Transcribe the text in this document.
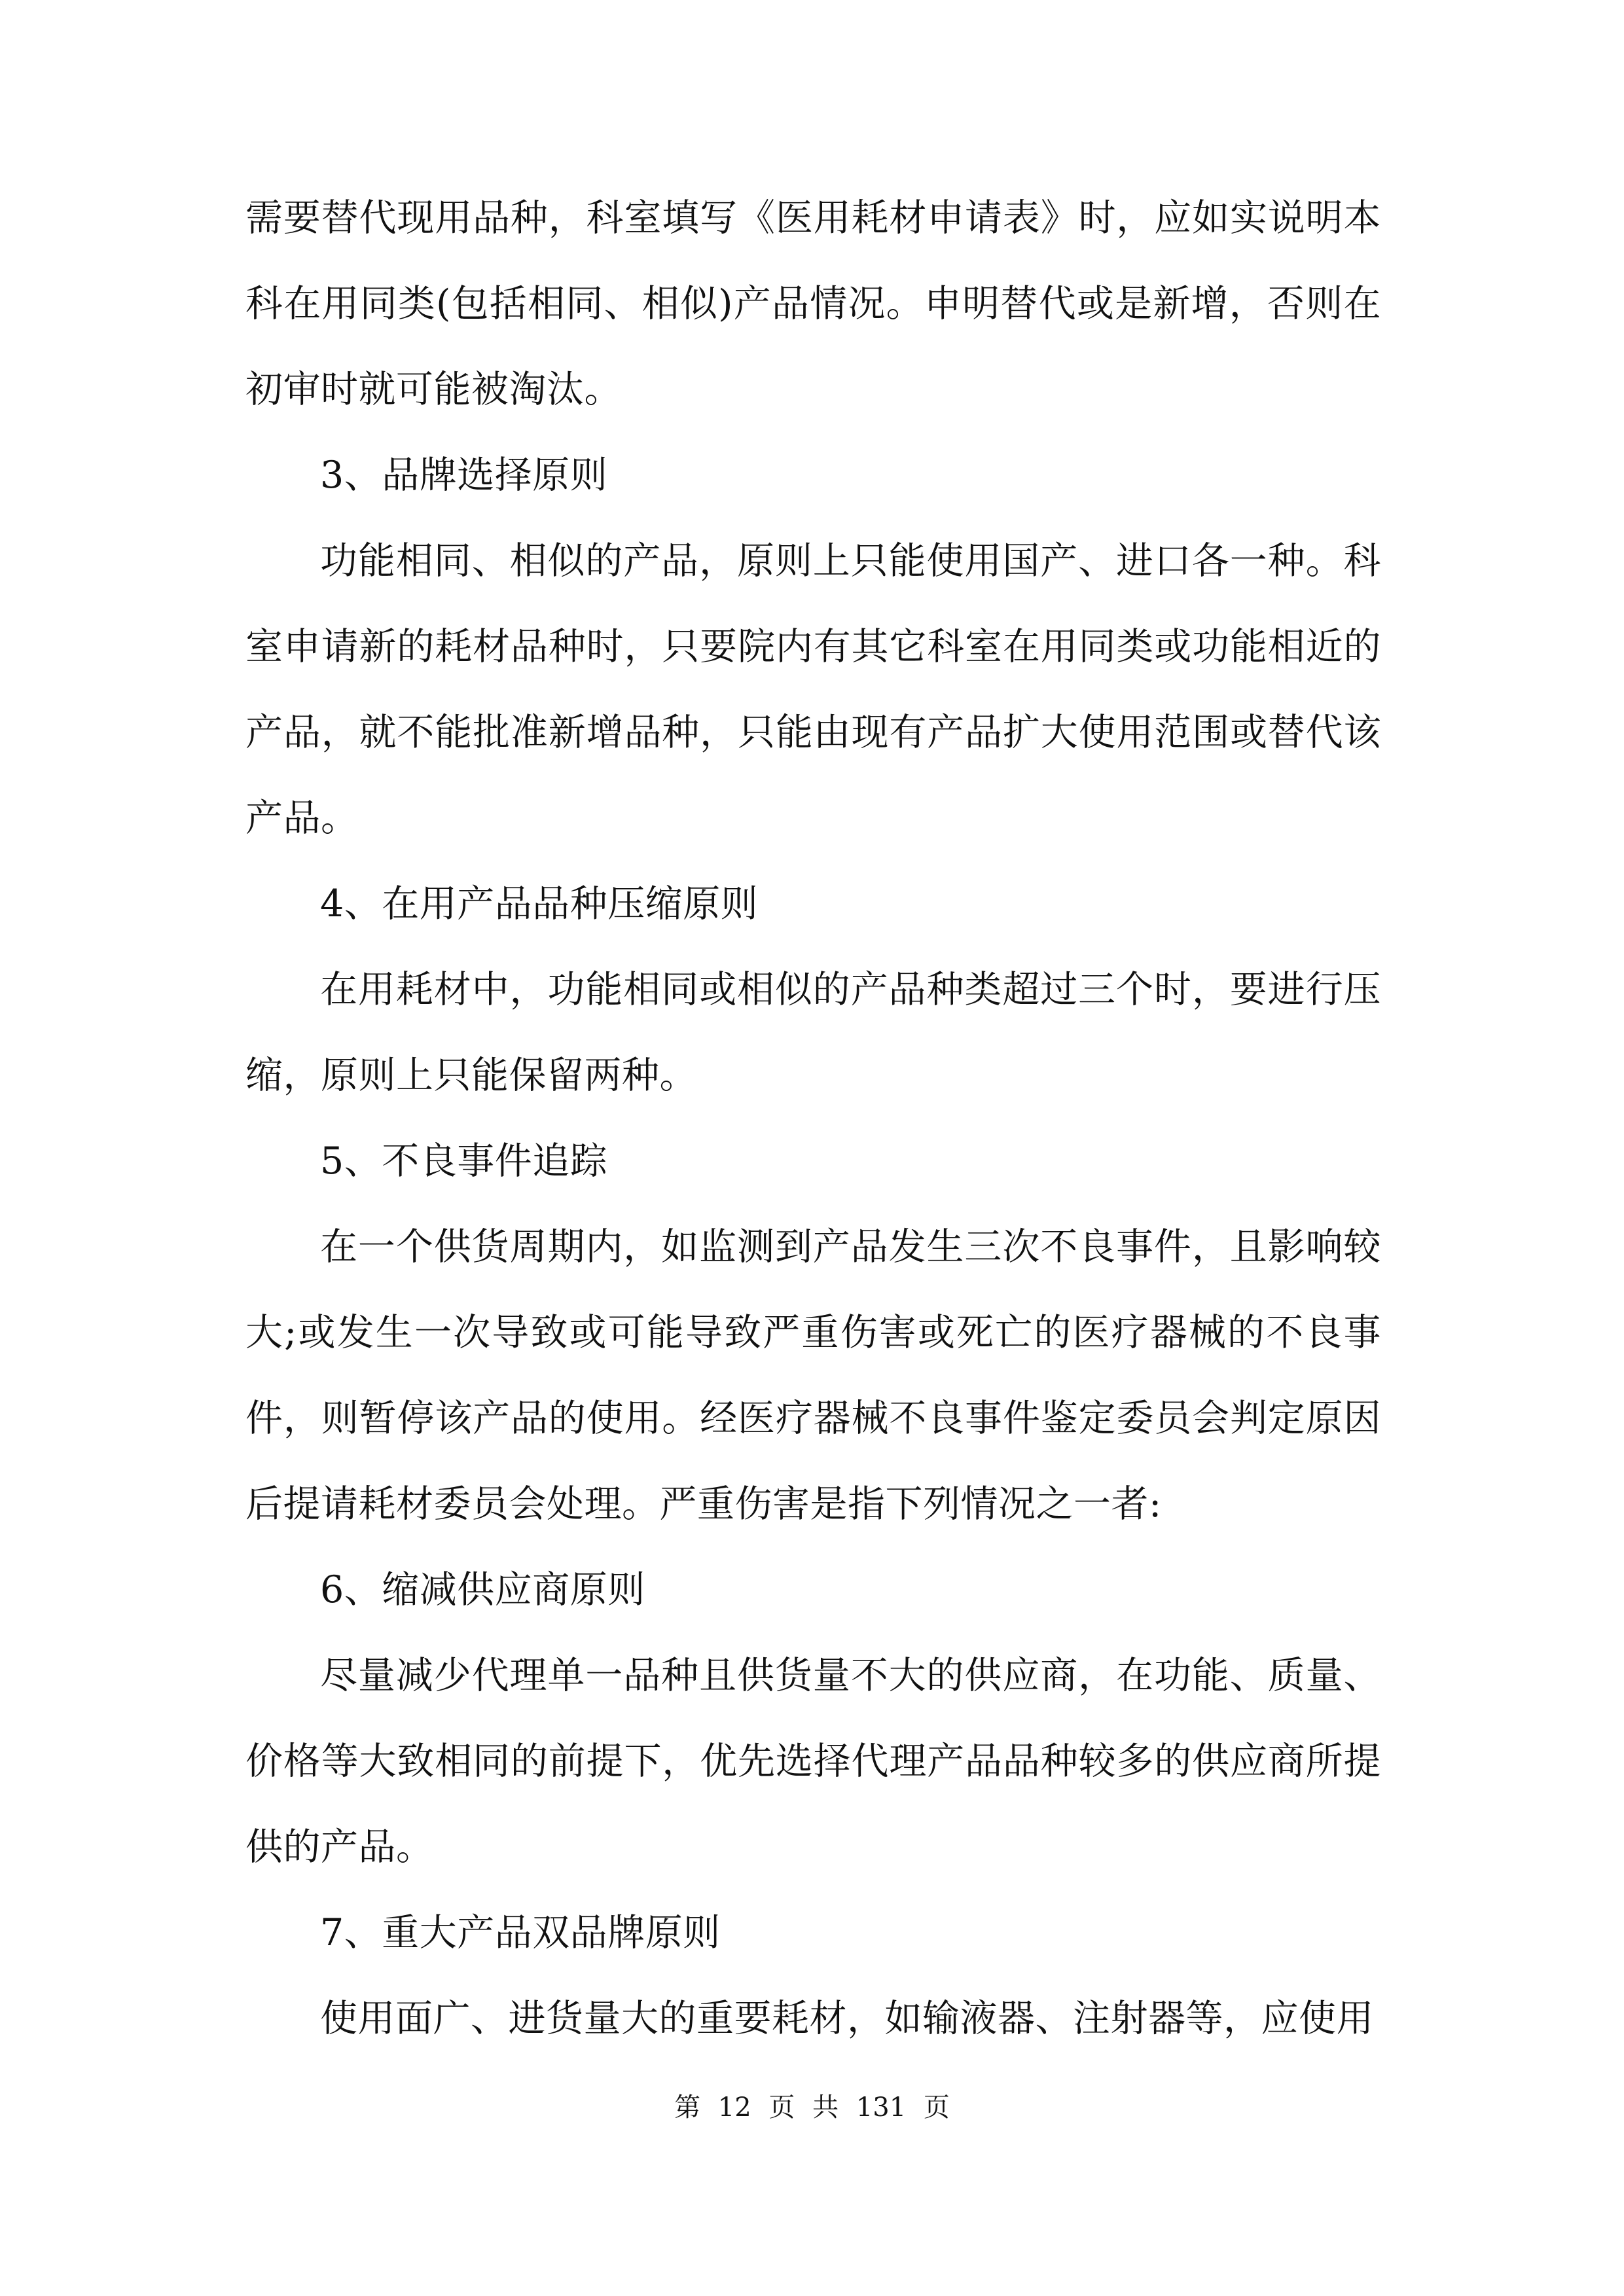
需要替代现用品种，科室填写《医用耗材申请表》时，应如实说明本科在用同类(包括相同、相似)产品情况。申明替代或是新增，否则在初审时就可能被淘汰。

3、品牌选择原则

功能相同、相似的产品，原则上只能使用国产、进口各一种。科室申请新的耗材品种时，只要院内有其它科室在用同类或功能相近的产品，就不能批准新增品种，只能由现有产品扩大使用范围或替代该产品。

4、在用产品品种压缩原则

在用耗材中，功能相同或相似的产品种类超过三个时，要进行压缩，原则上只能保留两种。

5、不良事件追踪

在一个供货周期内，如监测到产品发生三次不良事件，且影响较大;或发生一次导致或可能导致严重伤害或死亡的医疗器械的不良事件，则暂停该产品的使用。经医疗器械不良事件鉴定委员会判定原因后提请耗材委员会处理。严重伤害是指下列情况之一者:

6、缩减供应商原则

尽量减少代理单一品种且供货量不大的供应商，在功能、质量、价格等大致相同的前提下，优先选择代理产品品种较多的供应商所提供的产品。

7、重大产品双品牌原则

使用面广、进货量大的重要耗材，如输液器、注射器等，应使用

第 12 页 共 131 页
